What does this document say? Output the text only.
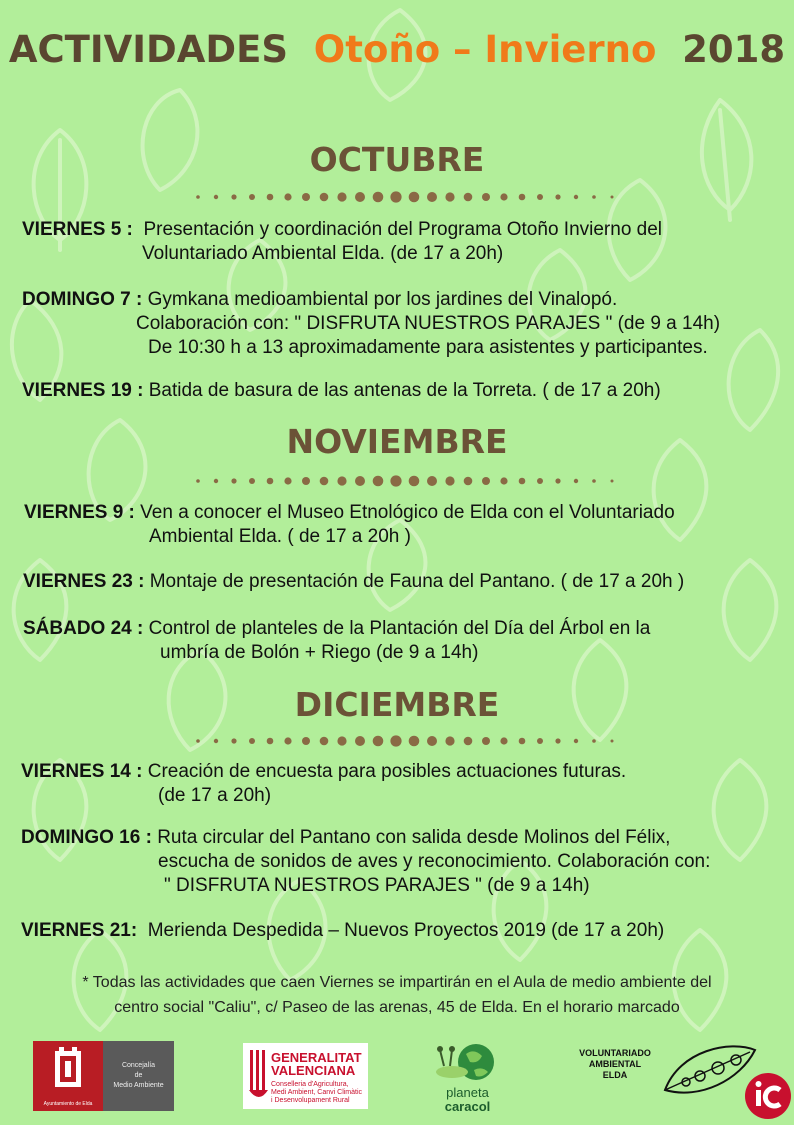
ACTIVIDADES Otoño – Invierno 2018
OCTUBRE
VIERNES 5 : Presentación y coordinación del Programa Otoño Invierno del
Voluntariado Ambiental Elda. (de 17 a 20h)
DOMINGO 7 : Gymkana medioambiental por los jardines del Vinalopó.
Colaboración con: " DISFRUTA NUESTROS PARAJES " (de 9 a 14h)
De 10:30 h a 13 aproximadamente para asistentes y participantes.
VIERNES 19 : Batida de basura de las antenas de la Torreta. ( de 17 a 20h)
NOVIEMBRE
VIERNES 9 : Ven a conocer el Museo Etnológico de Elda con el Voluntariado
Ambiental Elda. ( de 17 a 20h )
VIERNES 23 : Montaje de presentación de Fauna del Pantano. ( de 17 a 20h )
SÁBADO 24 : Control de planteles de la Plantación del Día del Árbol en la
umbría de Bolón + Riego (de 9 a 14h)
DICIEMBRE
VIERNES 14 : Creación de encuesta para posibles actuaciones futuras.
(de 17 a 20h)
DOMINGO 16 : Ruta circular del Pantano con salida desde Molinos del Félix,
escucha de sonidos de aves y reconocimiento. Colaboración con:
" DISFRUTA NUESTROS PARAJES " (de 9 a 14h)
VIERNES 21: Merienda Despedida – Nuevos Proyectos 2019 (de 17 a 20h)
* Todas las actividades que caen Viernes se impartirán en el Aula de medio ambiente del
centro social "Caliu", c/ Paseo de las arenas, 45 de Elda. En el horario marcado
Ayuntamiento de Elda
Concejalía
de
Medio Ambiente
GENERALITAT
VALENCIANA
Conselleria d'Agricultura,
Medi Ambient, Canvi Climàtic
i Desenvolupament Rural
planeta
caracol
VOLUNTARIADO
AMBIENTAL
ELDA
